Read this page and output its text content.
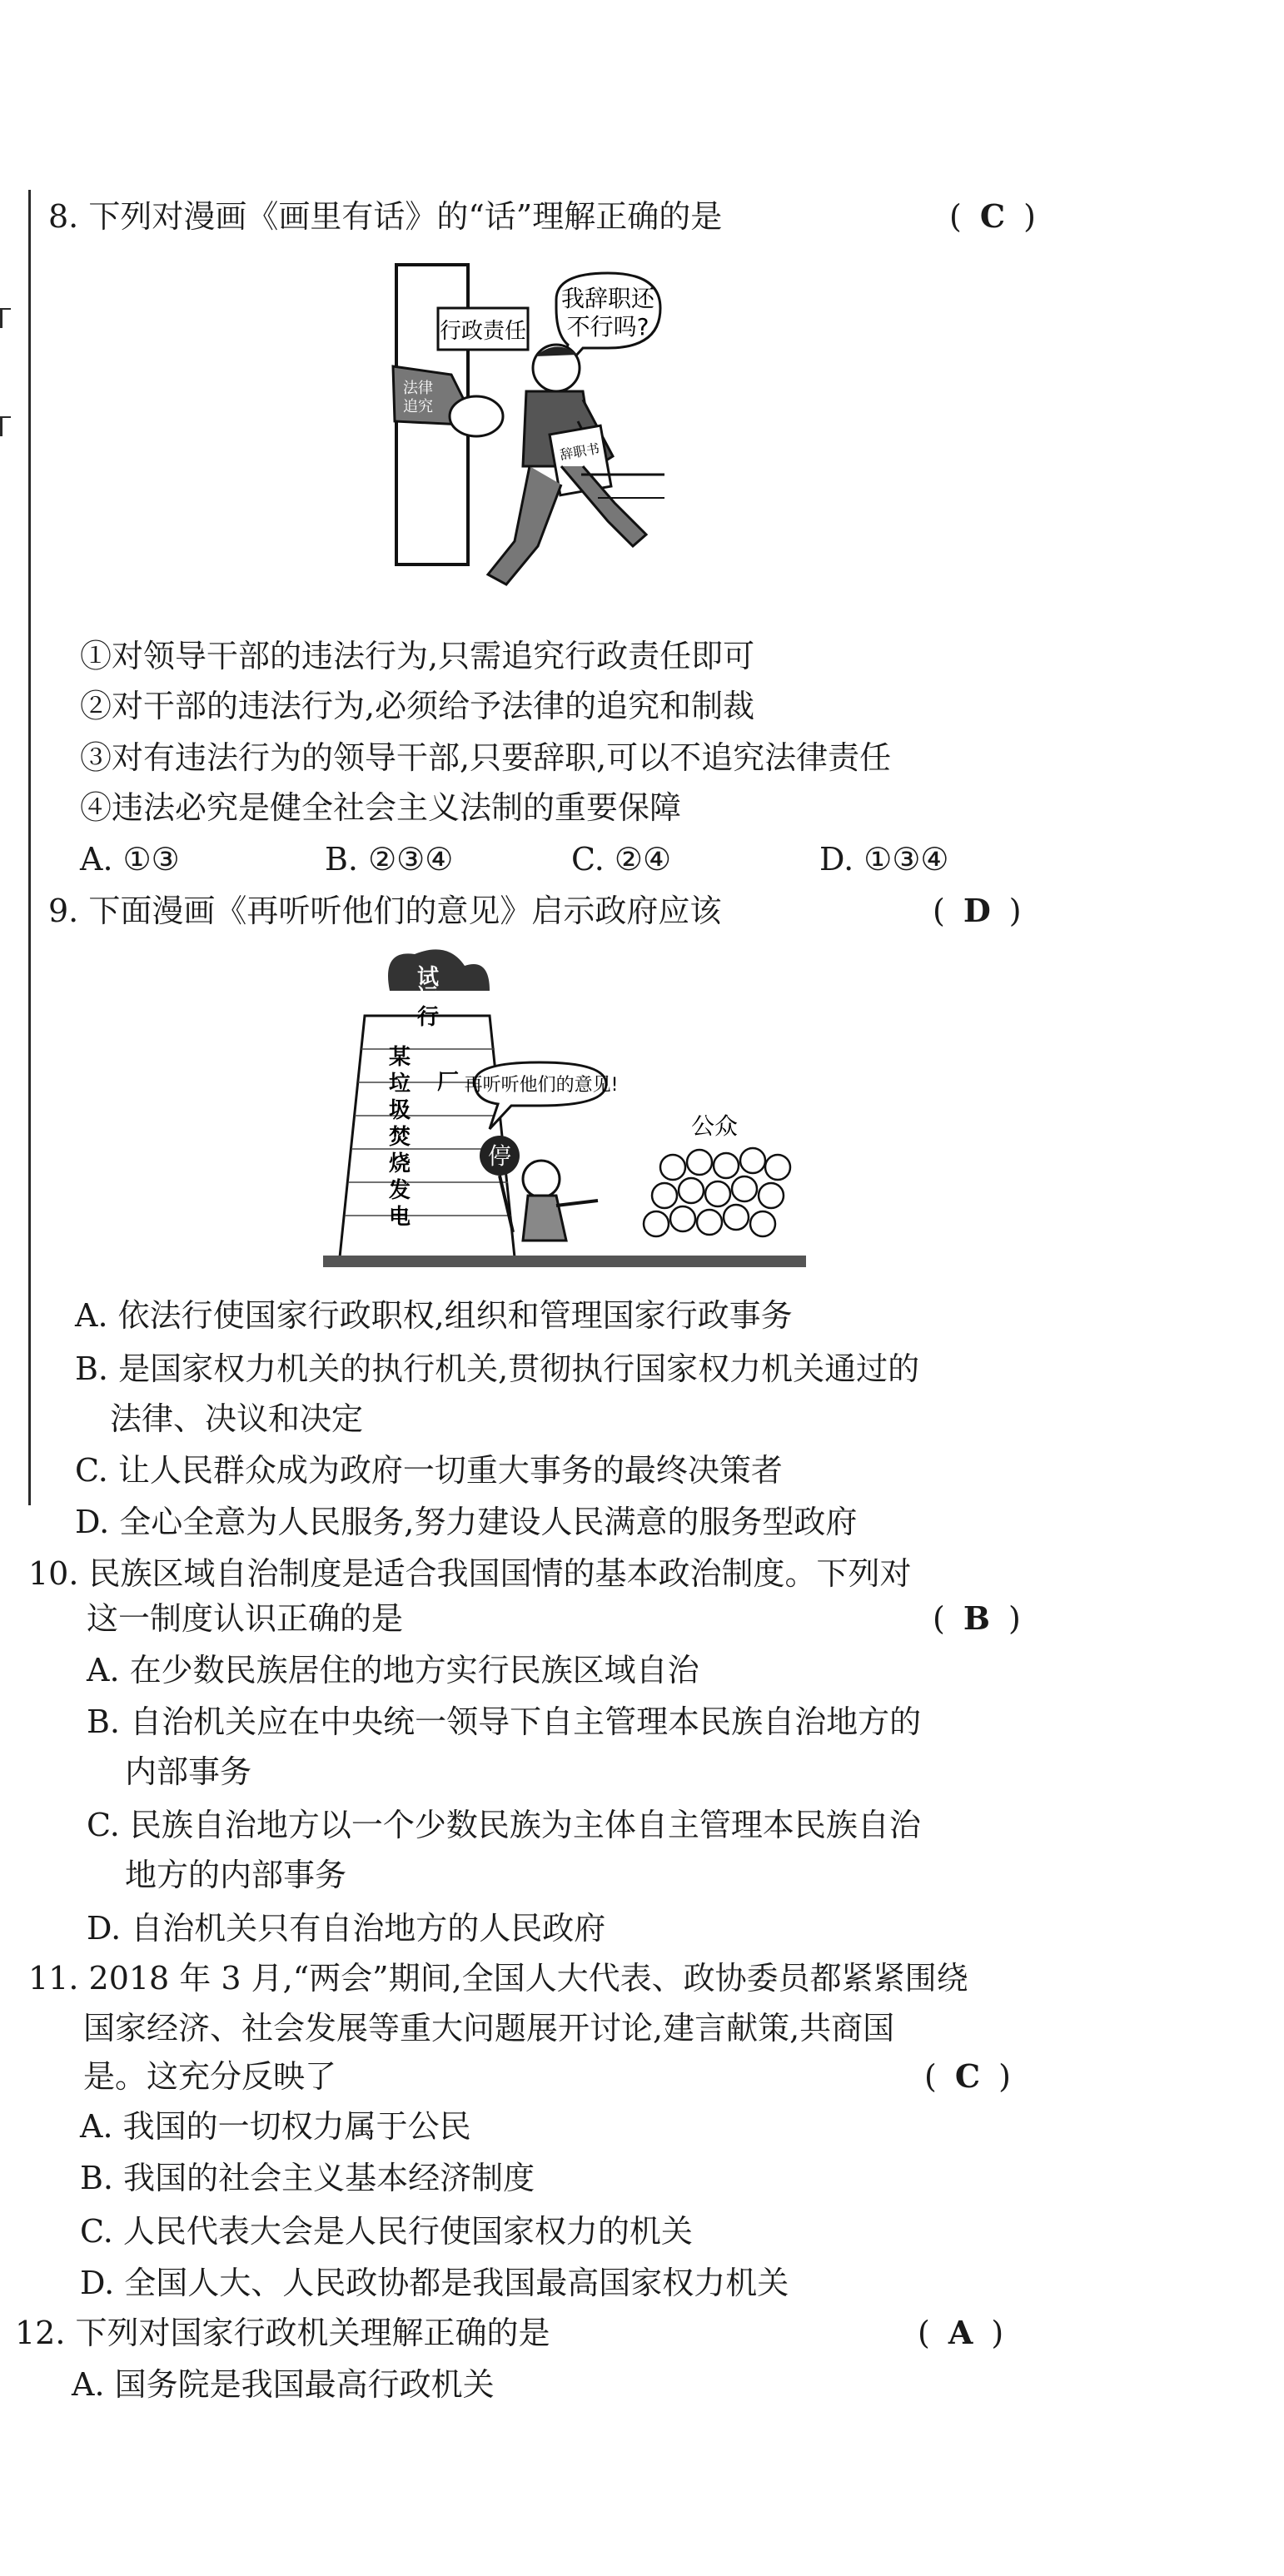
8. 下列对漫画《画里有话》的“话”理解正确的是	( C )
行政责任
我辞职还
不行吗?
法律
追究
辞职书
①对领导干部的违法行为,只需追究行政责任即可
②对干部的违法行为,必须给予法律的追究和制裁
③对有违法行为的领导干部,只要辞职,可以不追究法律责任
④违法必究是健全社会主义法制的重要保障
A. ①③	B. ②③④	C. ②④	D. ①③④
9. 下面漫画《再听听他们的意见》启示政府应该	( D )
试
运
行
某
垃
圾
焚
烧
发
电
厂 再听听他们的意见!
停
公众
A. 依法行使国家行政职权,组织和管理国家行政事务
B. 是国家权力机关的执行机关,贯彻执行国家权力机关通过的
法律、决议和决定
C. 让人民群众成为政府一切重大事务的最终决策者
D. 全心全意为人民服务,努力建设人民满意的服务型政府
10. 民族区域自治制度是适合我国国情的基本政治制度。下列对
这一制度认识正确的是	( B )
A. 在少数民族居住的地方实行民族区域自治
B. 自治机关应在中央统一领导下自主管理本民族自治地方的
内部事务
C. 民族自治地方以一个少数民族为主体自主管理本民族自治
地方的内部事务
D. 自治机关只有自治地方的人民政府
11. 2018 年 3 月,“两会”期间,全国人大代表、政协委员都紧紧围绕
国家经济、社会发展等重大问题展开讨论,建言献策,共商国
是。这充分反映了	( C )
A. 我国的一切权力属于公民
B. 我国的社会主义基本经济制度
C. 人民代表大会是人民行使国家权力的机关
D. 全国人大、人民政协都是我国最高国家权力机关
12. 下列对国家行政机关理解正确的是	( A )
A. 国务院是我国最高行政机关
